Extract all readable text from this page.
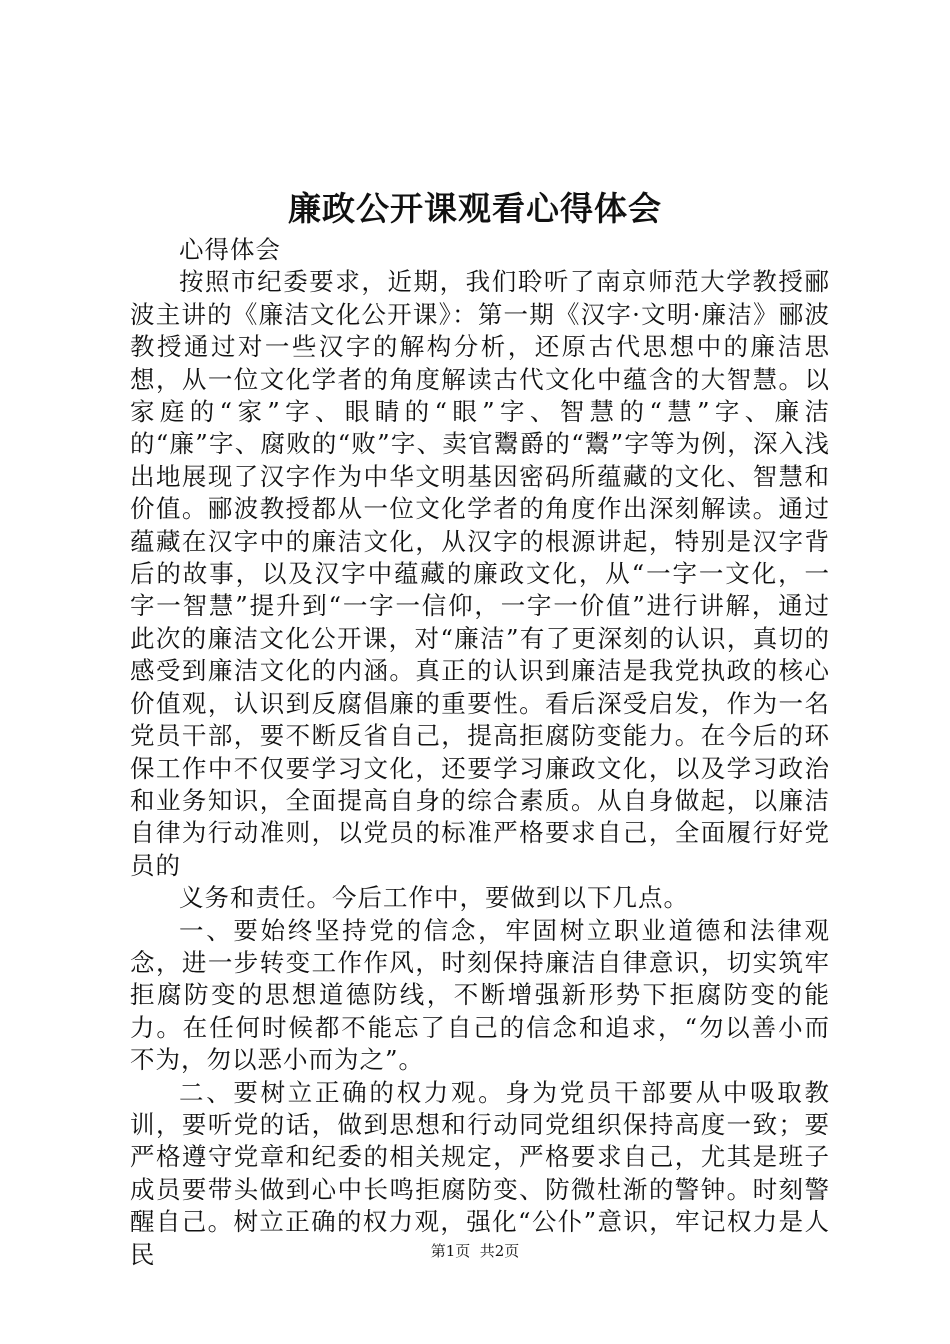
廉政公开课观看心得体会

心得体会

按照市纪委要求，近期，我们聆听了南京师范大学教授郦波主讲的《廉洁文化公开课》：第一期《汉字·文明·廉洁》郦波教授通过对一些汉字的解构分析，还原古代思想中的廉洁思想，从一位文化学者的角度解读古代文化中蕴含的大智慧。以家庭的“家”字、眼睛的“眼”字、智慧的“慧”字、廉洁的“廉”字、腐败的“败”字、卖官鬻爵的“鬻”字等为例，深入浅出地展现了汉字作为中华文明基因密码所蕴藏的文化、智慧和价值。郦波教授都从一位文化学者的角度作出深刻解读。通过蕴藏在汉字中的廉洁文化，从汉字的根源讲起，特别是汉字背后的故事，以及汉字中蕴藏的廉政文化，从“一字一文化，一字一智慧”提升到“一字一信仰，一字一价值”进行讲解，通过此次的廉洁文化公开课，对“廉洁”有了更深刻的认识，真切的感受到廉洁文化的内涵。真正的认识到廉洁是我党执政的核心价值观，认识到反腐倡廉的重要性。看后深受启发，作为一名党员干部，要不断反省自己，提高拒腐防变能力。在今后的环保工作中不仅要学习文化，还要学习廉政文化，以及学习政治和业务知识，全面提高自身的综合素质。从自身做起，以廉洁自律为行动准则，以党员的标准严格要求自己，全面履行好党员的

义务和责任。今后工作中，要做到以下几点。

一、要始终坚持党的信念，牢固树立职业道德和法律观念，进一步转变工作作风，时刻保持廉洁自律意识，切实筑牢拒腐防变的思想道德防线，不断增强新形势下拒腐防变的能力。在任何时候都不能忘了自己的信念和追求，“勿以善小而不为，勿以恶小而为之”。

二、要树立正确的权力观。身为党员干部要从中吸取教训，要听党的话，做到思想和行动同党组织保持高度一致；要严格遵守党章和纪委的相关规定，严格要求自己，尤其是班子成员要带头做到心中长鸣拒腐防变、防微杜渐的警钟。时刻警醒自己。树立正确的权力观，强化“公仆”意识，牢记权力是人民	第1页  共2页
